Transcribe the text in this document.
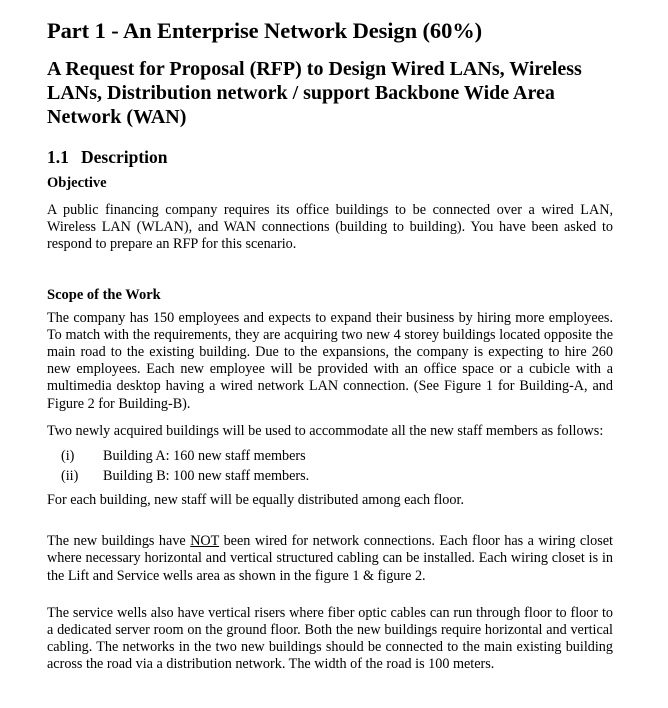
Part 1 - An Enterprise Network Design (60%)
A Request for Proposal (RFP) to Design Wired LANs, Wireless LANs, Distribution network / support Backbone Wide Area Network (WAN)
1.1 Description
Objective

A public financing company requires its office buildings to be connected over a wired LAN, Wireless LAN (WLAN), and WAN connections (building to building). You have been asked to respond to prepare an RFP for this scenario.

Scope of the Work

The company has 150 employees and expects to expand their business by hiring more employees. To match with the requirements, they are acquiring two new 4 storey buildings located opposite the main road to the existing building. Due to the expansions, the company is expecting to hire 260 new employees. Each new employee will be provided with an office space or a cubicle with a multimedia desktop having a wired network LAN connection. (See Figure 1 for Building-A, and Figure 2 for Building-B).

Two newly acquired buildings will be used to accommodate all the new staff members as follows:

(i)	Building A: 160 new staff members
(ii)	Building B: 100 new staff members.

For each building, new staff will be equally distributed among each floor.

The new buildings have NOT been wired for network connections. Each floor has a wiring closet where necessary horizontal and vertical structured cabling can be installed. Each wiring closet is in the Lift and Service wells area as shown in the figure 1 & figure 2.

The service wells also have vertical risers where fiber optic cables can run through floor to floor to a dedicated server room on the ground floor. Both the new buildings require horizontal and vertical cabling. The networks in the two new buildings should be connected to the main existing building across the road via a distribution network. The width of the road is 100 meters.
